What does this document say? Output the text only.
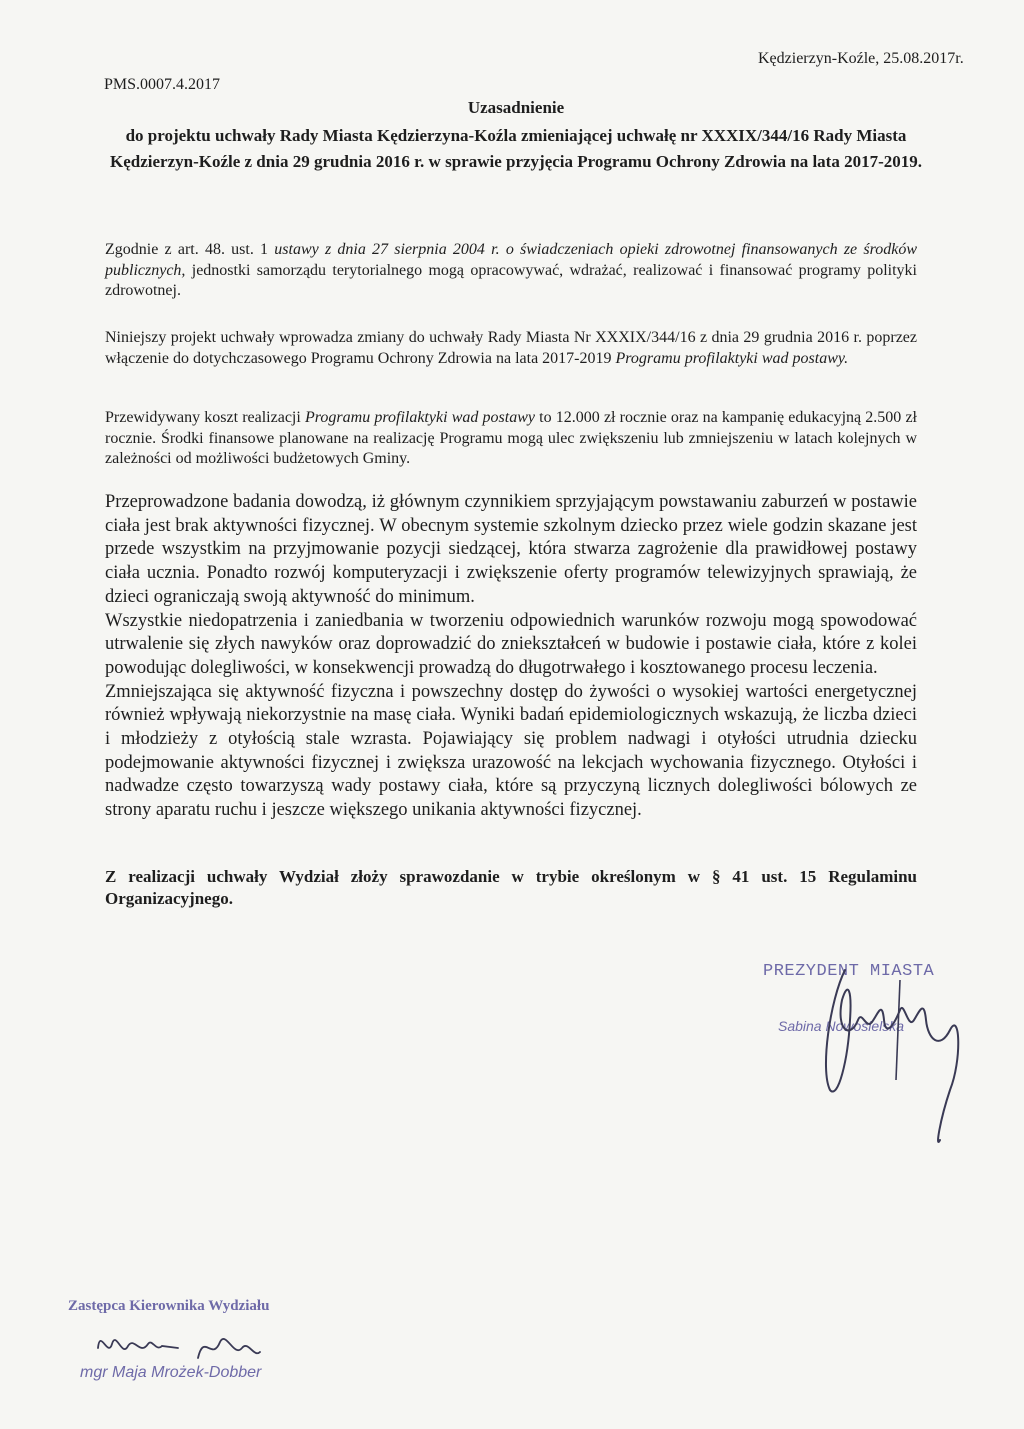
PMS.0007.4.2017
Kędzierzyn-Koźle, 25.08.2017r.
Uzasadnienie
do projektu uchwały Rady Miasta Kędzierzyna-Koźla zmieniającej uchwałę nr XXXIX/344/16 Rady Miasta Kędzierzyn-Koźle z dnia 29 grudnia 2016 r. w sprawie przyjęcia Programu Ochrony Zdrowia na lata 2017-2019.
Zgodnie z art. 48. ust. 1 ustawy z dnia 27 sierpnia 2004 r. o świadczeniach opieki zdrowotnej finansowanych ze środków publicznych, jednostki samorządu terytorialnego mogą opracowywać, wdrażać, realizować i finansować programy polityki zdrowotnej.
Niniejszy projekt uchwały wprowadza zmiany do uchwały Rady Miasta Nr XXXIX/344/16 z dnia 29 grudnia 2016 r. poprzez włączenie do dotychczasowego Programu Ochrony Zdrowia na lata 2017-2019 Programu profilaktyki wad postawy.
Przewidywany koszt realizacji Programu profilaktyki wad postawy to 12.000 zł rocznie oraz na kampanię edukacyjną 2.500 zł rocznie. Środki finansowe planowane na realizację Programu mogą ulec zwiększeniu lub zmniejszeniu w latach kolejnych w zależności od możliwości budżetowych Gminy.

Przeprowadzone badania dowodzą, iż głównym czynnikiem sprzyjającym powstawaniu zaburzeń w postawie ciała jest brak aktywności fizycznej. W obecnym systemie szkolnym dziecko przez wiele godzin skazane jest przede wszystkim na przyjmowanie pozycji siedzącej, która stwarza zagrożenie dla prawidłowej postawy ciała ucznia. Ponadto rozwój komputeryzacji i zwiększenie oferty programów telewizyjnych sprawiają, że dzieci ograniczają swoją aktywność do minimum.

Wszystkie niedopatrzenia i zaniedbania w tworzeniu odpowiednich warunków rozwoju mogą spowodować utrwalenie się złych nawyków oraz doprowadzić do zniekształceń w budowie i postawie ciała, które z kolei powodując dolegliwości, w konsekwencji prowadzą do długotrwałego i kosztowanego procesu leczenia.

Zmniejszająca się aktywność fizyczna i powszechny dostęp do żywości o wysokiej wartości energetycznej również wpływają niekorzystnie na masę ciała. Wyniki badań epidemiologicznych wskazują, że liczba dzieci i młodzieży z otyłością stale wzrasta. Pojawiający się problem nadwagi i otyłości utrudnia dziecku podejmowanie aktywności fizycznej i zwiększa urazowość na lekcjach wychowania fizycznego. Otyłości i nadwadze często towarzyszą wady postawy ciała, które są przyczyną licznych dolegliwości bólowych ze strony aparatu ruchu i jeszcze większego unikania aktywności fizycznej.

Z realizacji uchwały Wydział złoży sprawozdanie w trybie określonym w § 41 ust. 15 Regulaminu Organizacyjnego.
PREZYDENT MIASTA
Sabina Nowosielska
Zastępca Kierownika Wydziału
mgr Maja Mrożek-Dobber
